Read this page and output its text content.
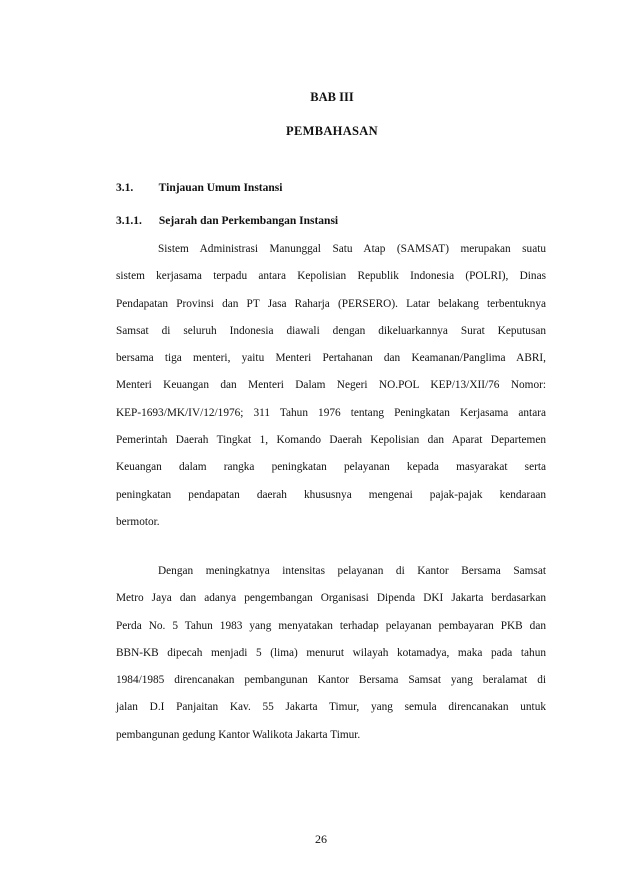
BAB III
PEMBAHASAN

3.1. Tinjauan Umum Instansi

3.1.1. Sejarah dan Perkembangan Instansi

Sistem Administrasi Manunggal Satu Atap (SAMSAT) merupakan suatu
sistem kerjasama terpadu antara Kepolisian Republik Indonesia (POLRI), Dinas
Pendapatan Provinsi dan PT Jasa Raharja (PERSERO). Latar belakang terbentuknya
Samsat di seluruh Indonesia diawali dengan dikeluarkannya Surat Keputusan
bersama tiga menteri, yaitu Menteri Pertahanan dan Keamanan/Panglima ABRI,
Menteri Keuangan dan Menteri Dalam Negeri NO.POL KEP/13/XII/76 Nomor:
KEP-1693/MK/IV/12/1976; 311 Tahun 1976 tentang Peningkatan Kerjasama antara
Pemerintah Daerah Tingkat 1, Komando Daerah Kepolisian dan Aparat Departemen
Keuangan dalam rangka peningkatan pelayanan kepada masyarakat serta
peningkatan pendapatan daerah khususnya mengenai pajak-pajak kendaraan
bermotor.

Dengan meningkatnya intensitas pelayanan di Kantor Bersama Samsat
Metro Jaya dan adanya pengembangan Organisasi Dipenda DKI Jakarta berdasarkan
Perda No. 5 Tahun 1983 yang menyatakan terhadap pelayanan pembayaran PKB dan
BBN-KB dipecah menjadi 5 (lima) menurut wilayah kotamadya, maka pada tahun
1984/1985 direncanakan pembangunan Kantor Bersama Samsat yang beralamat di
jalan D.I Panjaitan Kav. 55 Jakarta Timur, yang semula direncanakan untuk
pembangunan gedung Kantor Walikota Jakarta Timur.

26
